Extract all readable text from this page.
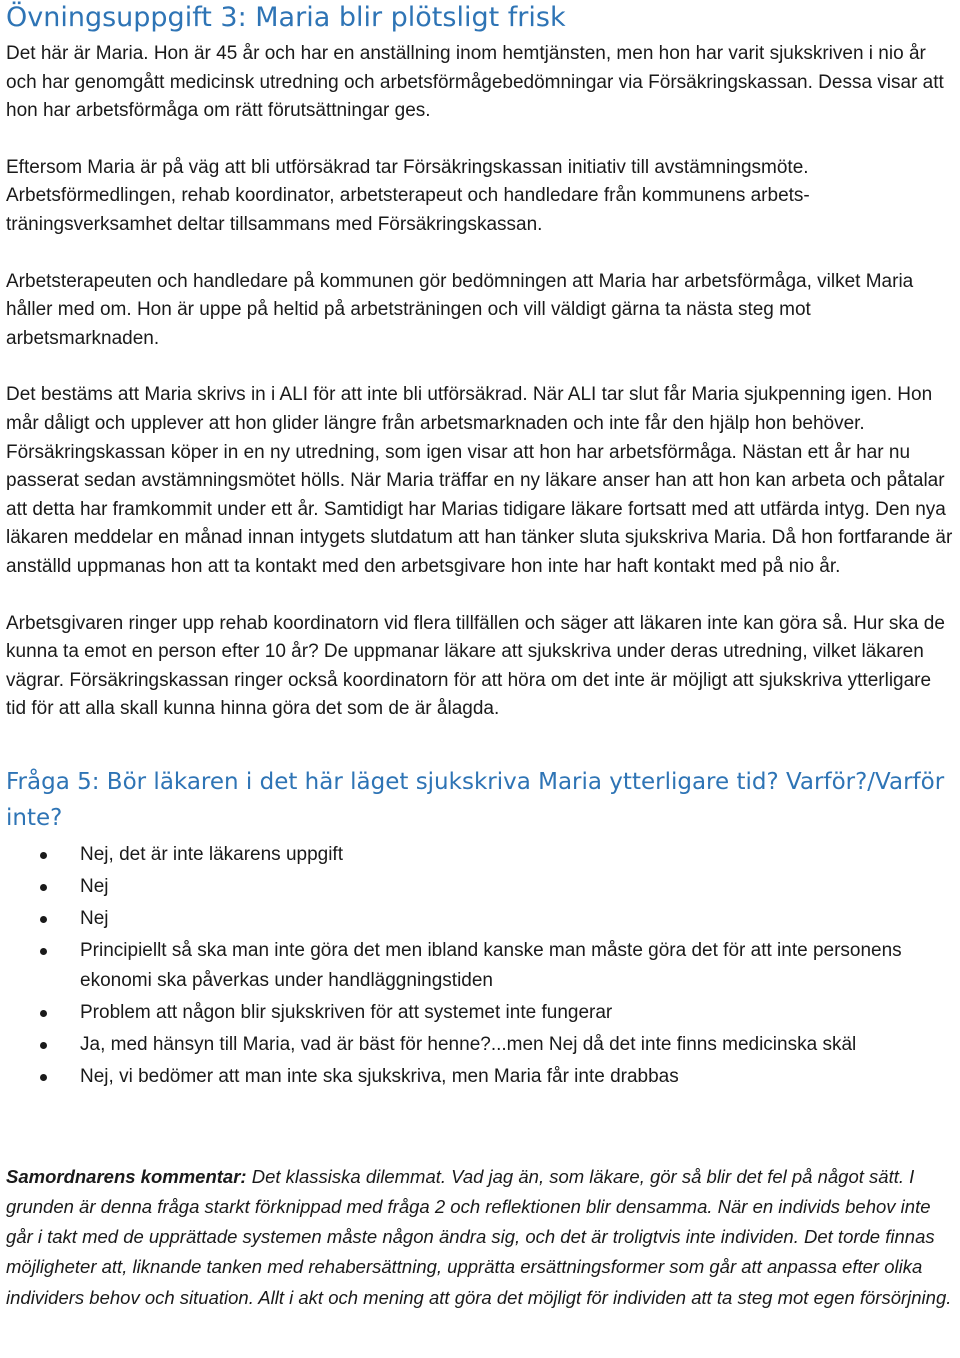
Övningsuppgift 3: Maria blir plötsligt frisk

Det här är Maria. Hon är 45 år och har en anställning inom hemtjänsten, men hon har varit sjukskriven i nio år och har genomgått medicinsk utredning och arbetsförmågebedömningar via Försäkringskassan. Dessa visar att hon har arbetsförmåga om rätt förutsättningar ges.

Eftersom Maria är på väg att bli utförsäkrad tar Försäkringskassan initiativ till avstämningsmöte. Arbetsförmedlingen, rehab koordinator, arbetsterapeut och handledare från kommunens arbets-träningsverksamhet deltar tillsammans med Försäkringskassan.

Arbetsterapeuten och handledare på kommunen gör bedömningen att Maria har arbetsförmåga, vilket Maria håller med om. Hon är uppe på heltid på arbetsträningen och vill väldigt gärna ta nästa steg mot arbetsmarknaden.

Det bestäms att Maria skrivs in i ALI för att inte bli utförsäkrad. När ALI tar slut får Maria sjukpenning igen. Hon mår dåligt och upplever att hon glider längre från arbetsmarknaden och inte får den hjälp hon behöver. Försäkringskassan köper in en ny utredning, som igen visar att hon har arbetsförmåga. Nästan ett år har nu passerat sedan avstämningsmötet hölls. När Maria träffar en ny läkare anser han att hon kan arbeta och påtalar att detta har framkommit under ett år. Samtidigt har Marias tidigare läkare fortsatt med att utfärda intyg. Den nya läkaren meddelar en månad innan intygets slutdatum att han tänker sluta sjukskriva Maria. Då hon fortfarande är anställd uppmanas hon att ta kontakt med den arbetsgivare hon inte har haft kontakt med på nio år.

Arbetsgivaren ringer upp rehab koordinatorn vid flera tillfällen och säger att läkaren inte kan göra så. Hur ska de kunna ta emot en person efter 10 år? De uppmanar läkare att sjukskriva under deras utredning, vilket läkaren vägrar. Försäkringskassan ringer också koordinatorn för att höra om det inte är möjligt att sjukskriva ytterligare tid för att alla skall kunna hinna göra det som de är ålagda.

Fråga 5: Bör läkaren i det här läget sjukskriva Maria ytterligare tid? Varför?/Varför inte?
Nej, det är inte läkarens uppgift
Nej
Nej
Principiellt så ska man inte göra det men ibland kanske man måste göra det för att inte personens ekonomi ska påverkas under handläggningstiden
Problem att någon blir sjukskriven för att systemet inte fungerar
Ja, med hänsyn till Maria, vad är bäst för henne?...men Nej då det inte finns medicinska skäl
Nej, vi bedömer att man inte ska sjukskriva, men Maria får inte drabbas

Samordnarens kommentar: Det klassiska dilemmat. Vad jag än, som läkare, gör så blir det fel på något sätt. I grunden är denna fråga starkt förknippad med fråga 2 och reflektionen blir densamma. När en individs behov inte går i takt med de upprättade systemen måste någon ändra sig, och det är troligtvis inte individen. Det torde finnas möjligheter att, liknande tanken med rehabersättning, upprätta ersättningsformer som går att anpassa efter olika individers behov och situation. Allt i akt och mening att göra det möjligt för individen att ta steg mot egen försörjning.
